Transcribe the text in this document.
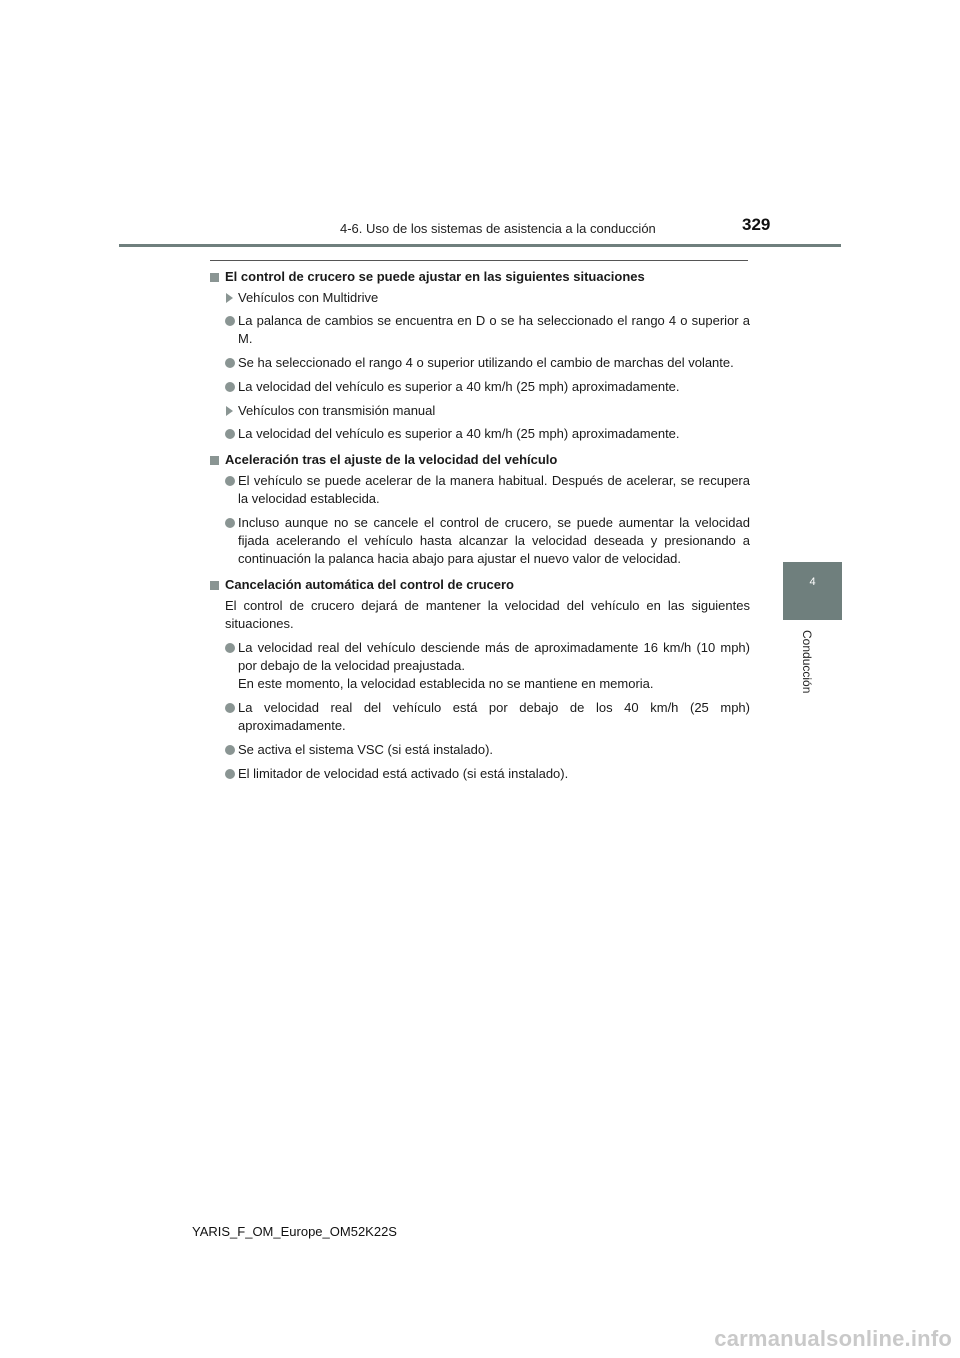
4-6. Uso de los sistemas de asistencia a la conducción	329
4
Conducción
El control de crucero se puede ajustar en las siguientes situaciones
Vehículos con Multidrive
La palanca de cambios se encuentra en D o se ha seleccionado el rango 4 o superior a M.
Se ha seleccionado el rango 4 o superior utilizando el cambio de marchas del volante.
La velocidad del vehículo es superior a 40 km/h (25 mph) aproximadamente.
Vehículos con transmisión manual
La velocidad del vehículo es superior a 40 km/h (25 mph) aproximadamente.
Aceleración tras el ajuste de la velocidad del vehículo
El vehículo se puede acelerar de la manera habitual. Después de acelerar, se recupera la velocidad establecida.
Incluso aunque no se cancele el control de crucero, se puede aumentar la velocidad fijada acelerando el vehículo hasta alcanzar la velocidad deseada y presionando a continuación la palanca hacia abajo para ajustar el nuevo valor de velocidad.
Cancelación automática del control de crucero
El control de crucero dejará de mantener la velocidad del vehículo en las siguientes situaciones.
La velocidad real del vehículo desciende más de aproximadamente 16 km/h (10 mph) por debajo de la velocidad preajustada.
En este momento, la velocidad establecida no se mantiene en memoria.
La velocidad real del vehículo está por debajo de los 40 km/h (25 mph) aproximadamente.
Se activa el sistema VSC (si está instalado).
El limitador de velocidad está activado (si está instalado).
YARIS_F_OM_Europe_OM52K22S
carmanualsonline.info
